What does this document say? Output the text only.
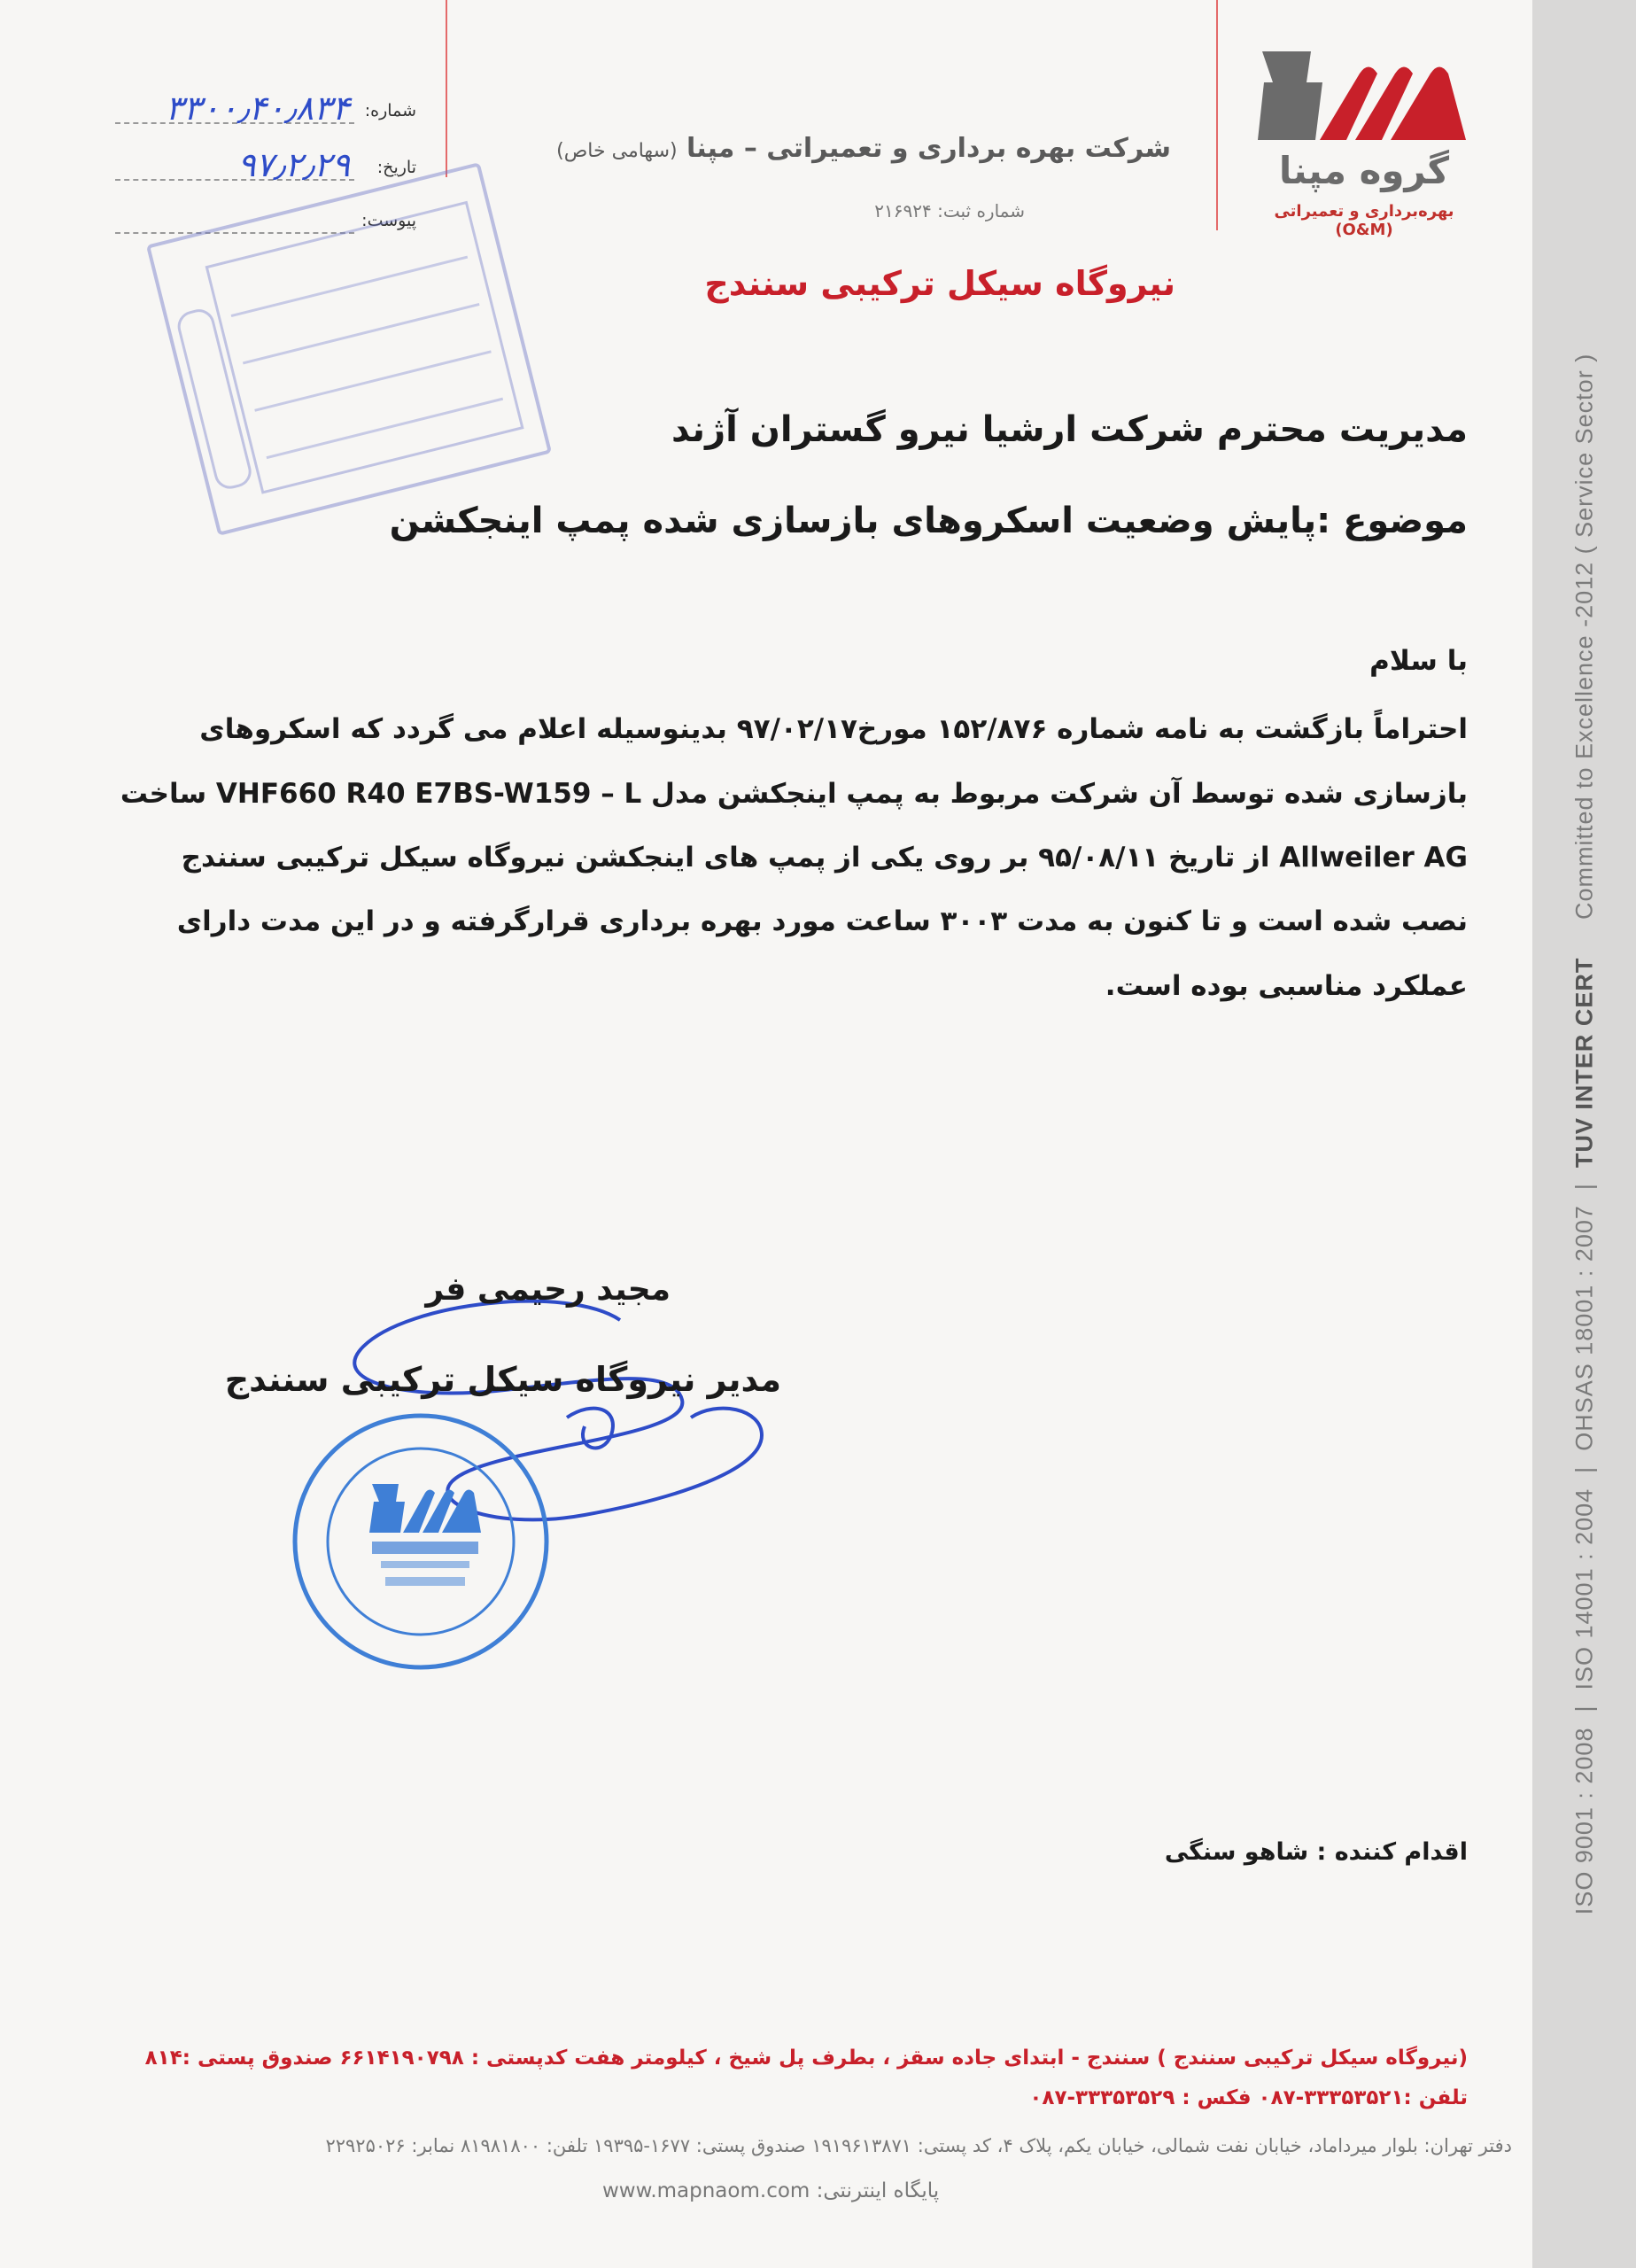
ISO 9001 : 2008  |  ISO 14001 : 2004  |  OHSAS 18001 : 2007  |  TUV INTER CERT     Committed to Excellence -2012 ( Service Sector )
گروه مپنا
بهره‌برداری و تعمیراتی (O&M)
شرکت بهره برداری و تعمیراتی – مپنا (سهامی خاص)
شماره ثبت: ۲۱۶۹۲۴
نیروگاه سیکل ترکیبی سنندج
شماره:
۳۳۰۰٫۴۰٫۸۳۴
تاریخ:
۹۷٫۲٫۲۹
پیوست:
مدیریت محترم شرکت ارشیا نیرو گستران آژند
موضوع :پایش وضعیت اسکروهای بازسازی شده پمپ اینجکشن
با سلام
احتراماً بازگشت به نامه شماره ۱۵۲/۸۷۶ مورخ۹۷/۰۲/۱۷ بدینوسیله اعلام می گردد که اسکروهای
بازسازی شده توسط آن شرکت مربوط به پمپ اینجکشن مدل VHF660 R40 E7BS-W159 – L ساخت
Allweiler AG از تاریخ ۹۵/۰۸/۱۱ بر روی یکی از پمپ های اینجکشن نیروگاه سیکل ترکیبی سنندج
نصب شده است و تا کنون به مدت ۳۰۰۳ ساعت مورد بهره برداری قرارگرفته و در این مدت دارای
عملکرد مناسبی بوده است.
مجید رحیمی فر
مدیر نیروگاه سیکل ترکیبی سنندج
اقدام کننده : شاهو سنگی
(نیروگاه سیکل ترکیبی سنندج ) سنندج - ابتدای جاده سقز ، بطرف پل شیخ ، کیلومتر هفت کدپستی : ۶۶۱۴۱۹۰۷۹۸ صندوق پستی :۸۱۴
تلفن :۳۳۳۵۳۵۲۱-۰۸۷ فکس : ۳۳۳۵۳۵۲۹-۰۸۷
دفتر تهران: بلوار میرداماد، خیابان نفت شمالی، خیابان یکم، پلاک ۴، کد پستی: ۱۹۱۹۶۱۳۸۷۱ صندوق پستی: ۱۶۷۷-۱۹۳۹۵ تلفن: ۸۱۹۸۱۸۰۰ نمابر: ۲۲۹۲۵۰۲۶
www.mapnaom.com پایگاه اینترنتی:
